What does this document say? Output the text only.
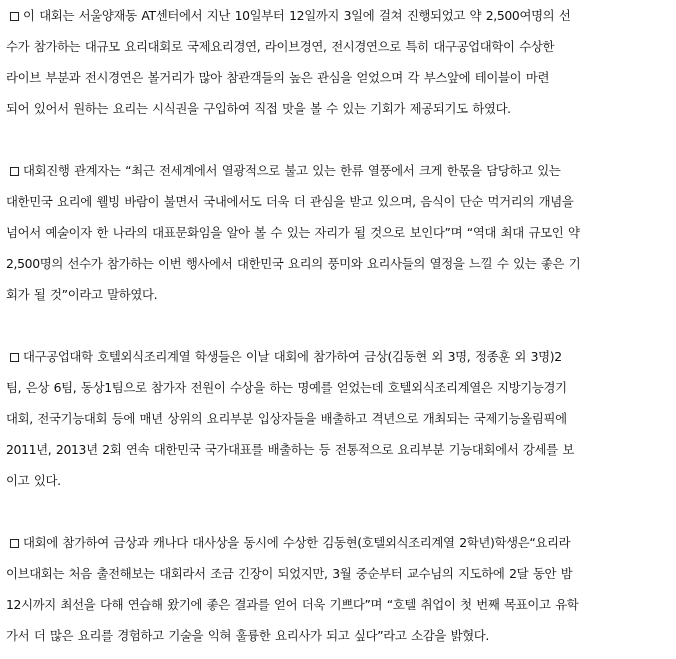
이 대회는 서울양재동 AT센터에서 지난 10일부터 12일까지 3일에 걸쳐 진행되었고 약 2,500여명의 선
수가 참가하는 대규모 요리대회로 국제요리경연, 라이브경연, 전시경연으로 특히 대구공업대학이 수상한
라이브 부분과 전시경연은 볼거리가 많아 참관객들의 높은 관심을 얻었으며 각 부스앞에 테이블이 마련
되어 있어서 원하는 요리는 시식권을 구입하여 직접 맛을 볼 수 있는 기회가 제공되기도 하였다.

대회진행 관계자는 “최근 전세계에서 열광적으로 불고 있는 한류 열풍에서 크게 한몫을 담당하고 있는
대한민국 요리에 웰빙 바람이 불면서 국내에서도 더욱 더 관심을 받고 있으며, 음식이 단순 먹거리의 개념을
넘어서 예술이자 한 나라의 대표문화임을 알아 볼 수 있는 자리가 될 것으로 보인다”며 “역대 최대 규모인 약
2,500명의 선수가 참가하는 이번 행사에서 대한민국 요리의 풍미와 요리사들의 열정을 느낄 수 있는 좋은 기
회가 될 것”이라고 말하였다.

대구공업대학 호텔외식조리계열 학생들은 이날 대회에 참가하여 금상(김동현 외 3명, 정종훈 외 3명)2
팀, 은상 6팀, 동상1팀으로 참가자 전원이 수상을 하는 명예를 얻었는데 호텔외식조리계열은 지방기능경기
대회, 전국기능대회 등에 매년 상위의 요리부분 입상자들을 배출하고 격년으로 개최되는 국제기능올림픽에
2011년, 2013년 2회 연속 대한민국 국가대표를 배출하는 등 전통적으로 요리부분 기능대회에서 강세를 보
이고 있다.

대회에 참가하여 금상과 캐나다 대사상을 동시에 수상한 김동현(호텔외식조리계열 2학년)학생은“요리라
이브대회는 처음 출전해보는 대회라서 조금 긴장이 되었지만, 3월 중순부터 교수님의 지도하에 2달 동안 밤
12시까지 최선을 다해 연습해 왔기에 좋은 결과를 얻어 더욱 기쁘다”며 “호텔 취업이 첫 번째 목표이고 유학
가서 더 많은 요리를 경험하고 기술을 익혀 훌륭한 요리사가 되고 싶다”라고 소감을 밝혔다.
